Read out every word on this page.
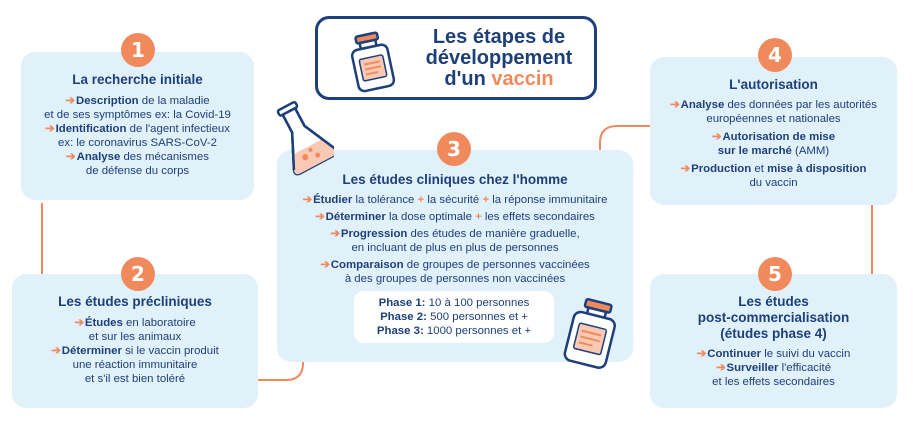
Les étapes de
développement
d'un vaccin
La recherche initiale
➔Description de la maladie
et de ses symptômes ex: la Covid-19
➔Identification de l'agent infectieux
ex: le coronavirus SARS-CoV-2
➔Analyse des mécanismes
de défense du corps
1
Les études précliniques
➔Études en laboratoire
et sur les animaux
➔Déterminer si le vaccin produit
une réaction immunitaire
et s'il est bien toléré
2
Les études cliniques chez l'homme
➔Étudier la tolérance + la sécurité + la réponse immunitaire
➔Déterminer la dose optimale + les effets secondaires
➔Progression des études de manière graduelle,
en incluant de plus en plus de personnes
➔Comparaison de groupes de personnes vaccinées
à des groupes de personnes non vaccinées
Phase 1: 10 à 100 personnes
Phase 2: 500 personnes et +
Phase 3: 1000 personnes et +
3
L'autorisation
➔Analyse des données par les autorités
européennes et nationales
➔Autorisation de mise
sur le marché (AMM)
➔Production et mise à disposition
du vaccin
4
Les études
post-commercialisation
(études phase 4)
➔Continuer le suivi du vaccin
➔Surveiller l'efficacité
et les effets secondaires
5
